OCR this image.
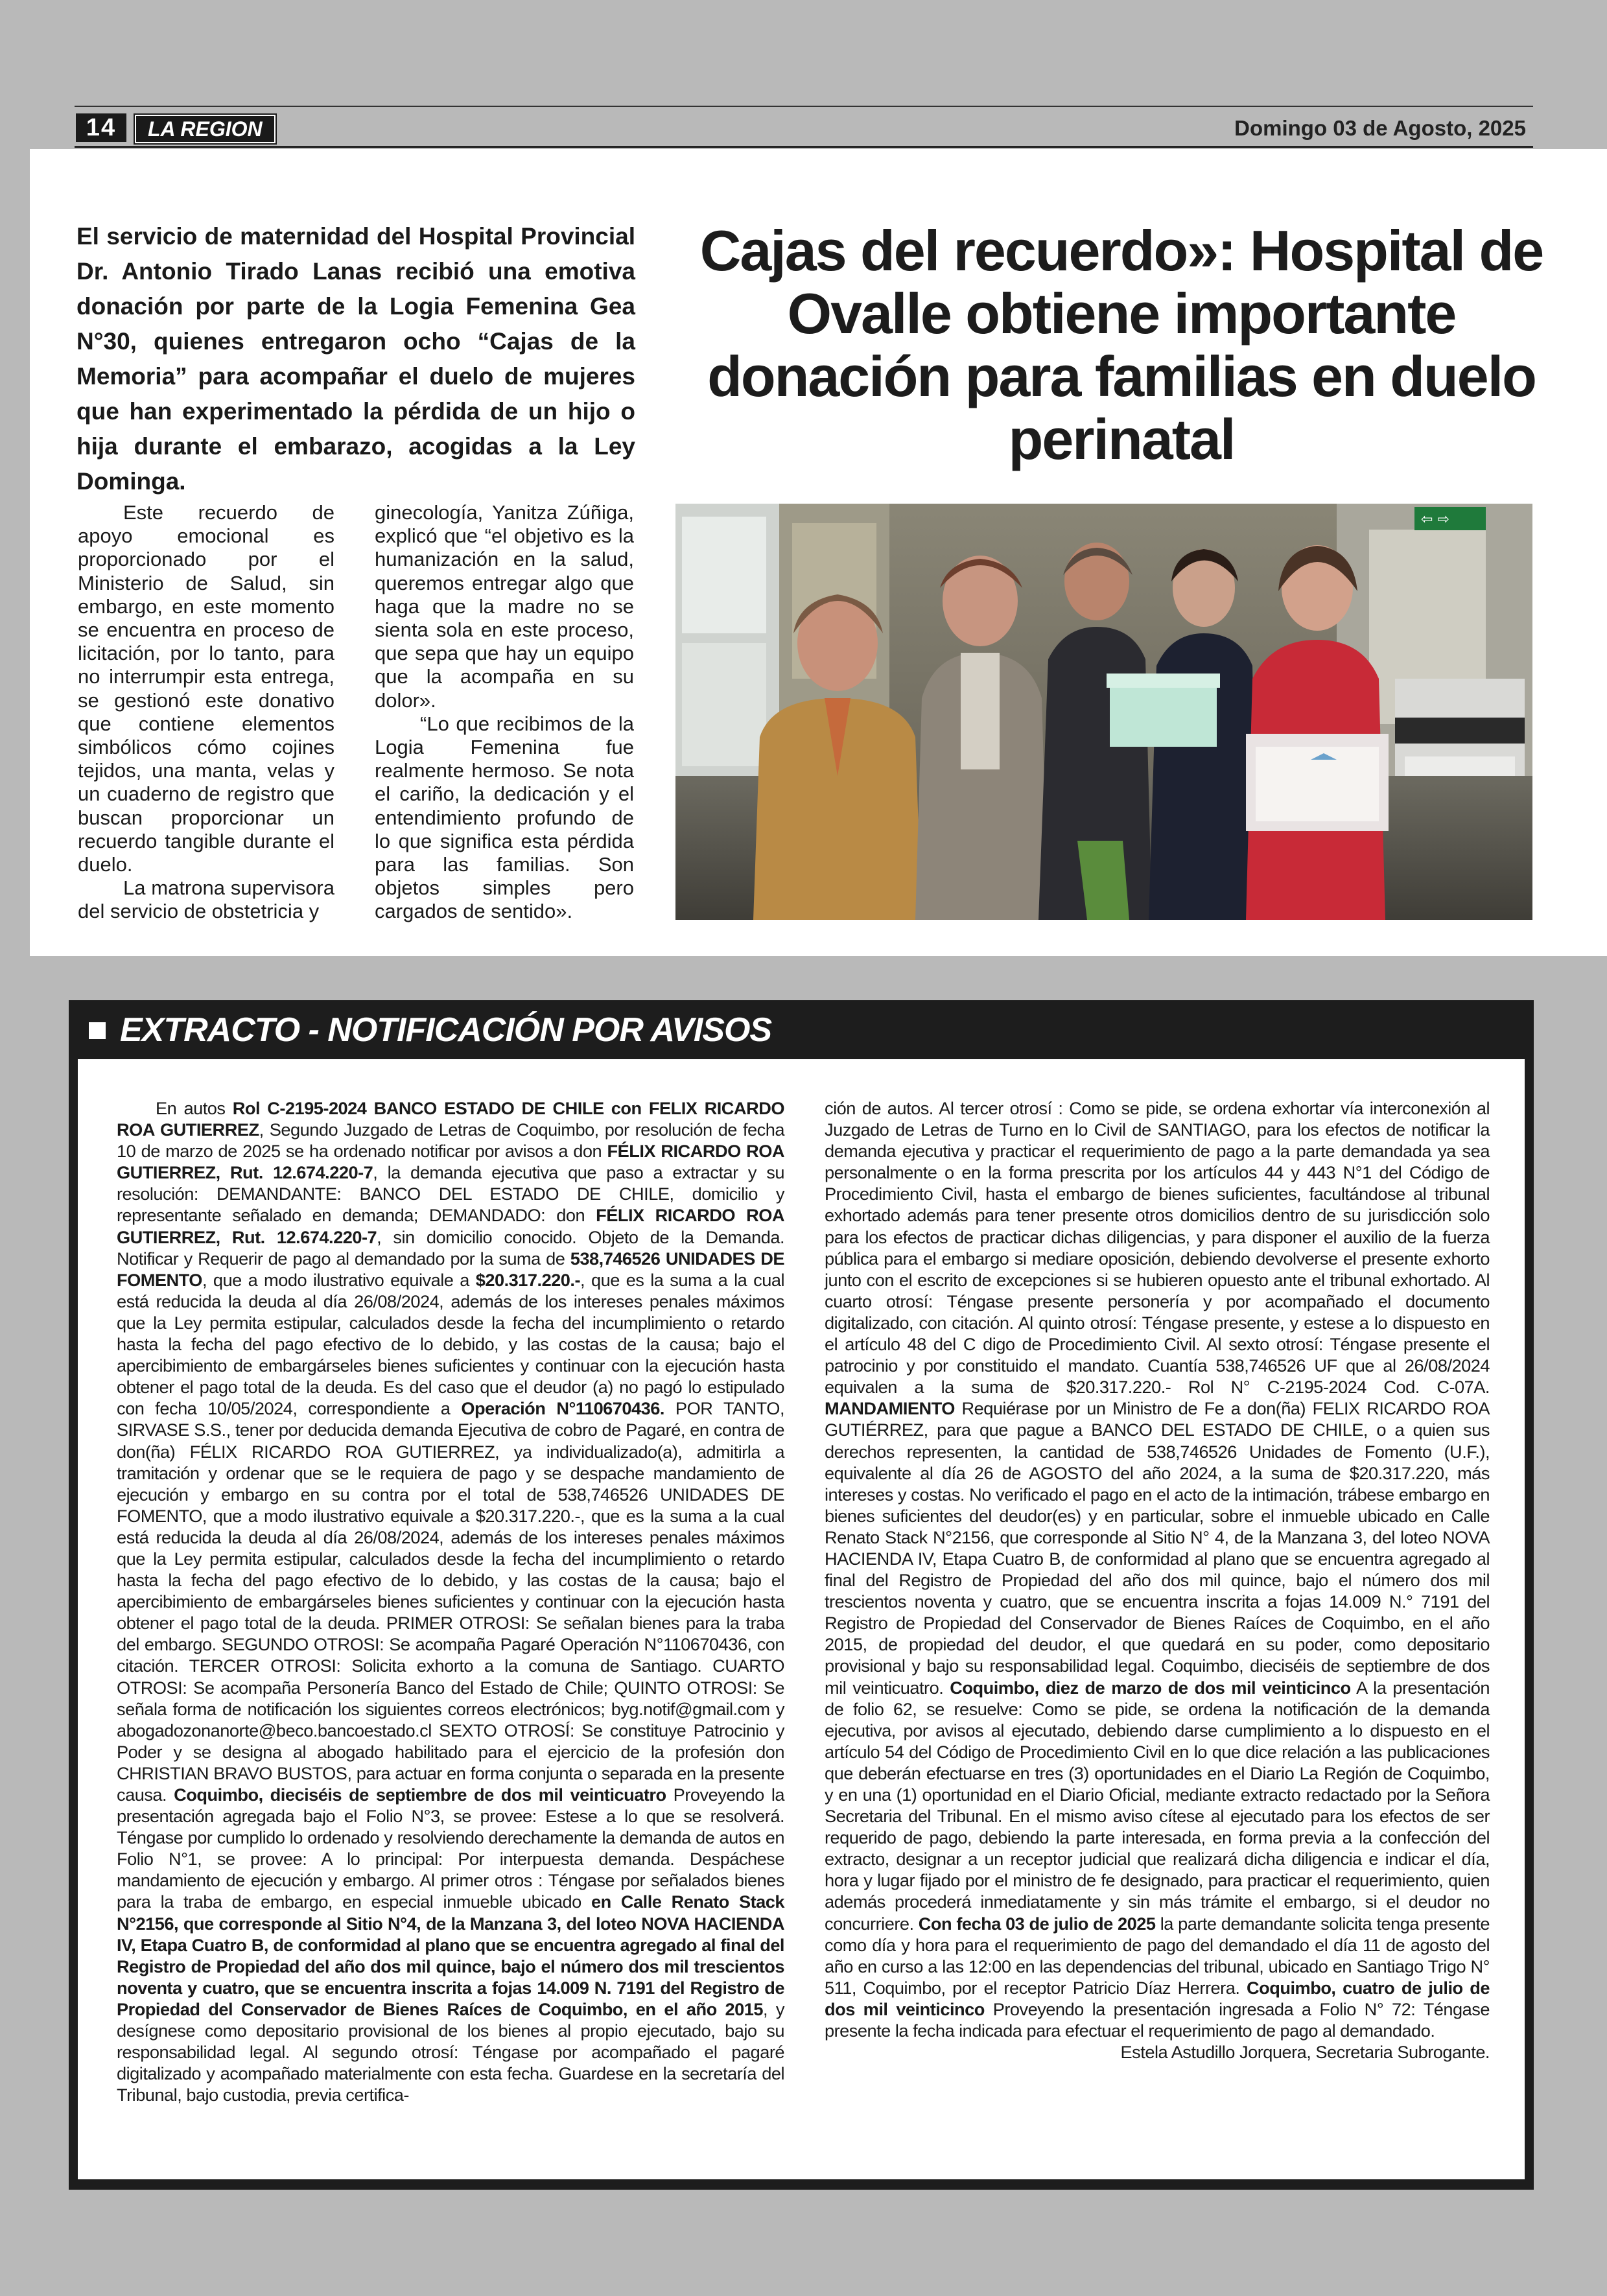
14	LA REGION	Domingo 03 de Agosto, 2025
El servicio de maternidad del Hospital Provincial Dr. Antonio Tirado Lanas recibió una emotiva donación por parte de la Logia Femenina Gea N°30, quienes entregaron ocho “Cajas de la Memoria” para acompañar el duelo de mujeres que han experimentado la pérdida de un hijo o hija durante el embarazo, acogidas a la Ley Dominga.
Cajas del recuerdo»: Hospital de Ovalle obtiene importante donación para familias en duelo perinatal

Este recuerdo de apoyo emocional es proporcionado por el Ministerio de Salud, sin embargo, en este momento se encuentra en proceso de licitación, por lo tanto, para no interrumpir esta entrega, se gestionó este donativo que contiene elementos simbólicos cómo cojines tejidos, una manta, velas y un cuaderno de registro que buscan proporcionar un recuerdo tangible durante el duelo.

La matrona supervisora del servicio de obstetricia y

ginecología, Yanitza Zúñiga, explicó que “el objetivo es la humanización en la salud, queremos entregar algo que haga que la madre no se sienta sola en este proceso, que sepa que hay un equipo que la acompaña en su dolor».

“Lo que recibimos de la Logia Femenina fue realmente hermoso. Se nota el cariño, la dedicación y el entendimiento profundo de lo que significa esta pérdida para las familias. Son objetos simples pero cargados de sentido».

⇦ ⇨
EXTRACTO - NOTIFICACIÓN POR AVISOS

En autos Rol C-2195-2024 BANCO ESTADO DE CHILE con FELIX RICARDO ROA GUTIERREZ, Segundo Juzgado de Letras de Coquimbo, por resolución de fecha 10 de marzo de 2025 se ha ordenado notificar por avisos a don FÉLIX RICARDO ROA GUTIERREZ, Rut. 12.674.220-7, la demanda ejecutiva que paso a extractar y su resolución: DEMANDANTE: BANCO DEL ESTADO DE CHILE, domicilio y representante señalado en demanda; DEMANDADO: don FÉLIX RICARDO ROA GUTIERREZ, Rut. 12.674.220-7, sin domicilio conocido. Objeto de la Demanda. Notificar y Requerir de pago al demandado por la suma de 538,746526 UNIDADES DE FOMENTO, que a modo ilustrativo equivale a $20.317.220.-, que es la suma a la cual está reducida la deuda al día 26/08/2024, además de los intereses penales máximos que la Ley permita estipular, calculados desde la fecha del incumplimiento o retardo hasta la fecha del pago efectivo de lo debido, y las costas de la causa; bajo el apercibimiento de embargárseles bienes suficientes y continuar con la ejecución hasta obtener el pago total de la deuda. Es del caso que el deudor (a) no pagó lo estipulado con fecha 10/05/2024, correspondiente a Operación N°110670436. POR TANTO, SIRVASE S.S., tener por deducida demanda Ejecutiva de cobro de Pagaré, en contra de don(ña) FÉLIX RICARDO ROA GUTIERREZ, ya individualizado(a), admitirla a tramitación y ordenar que se le requiera de pago y se despache mandamiento de ejecución y embargo en su contra por el total de 538,746526 UNIDADES DE FOMENTO, que a modo ilustrativo equivale a $20.317.220.-, que es la suma a la cual está reducida la deuda al día 26/08/2024, además de los intereses penales máximos que la Ley permita estipular, calculados desde la fecha del incumplimiento o retardo hasta la fecha del pago efectivo de lo debido, y las costas de la causa; bajo el apercibimiento de embargárseles bienes suficientes y continuar con la ejecución hasta obtener el pago total de la deuda. PRIMER OTROSI: Se señalan bienes para la traba del embargo. SEGUNDO OTROSI: Se acompaña Pagaré Operación N°110670436, con citación. TERCER OTROSI: Solicita exhorto a la comuna de Santiago. CUARTO OTROSI: Se acompaña Personería Banco del Estado de Chile; QUINTO OTROSI: Se señala forma de notificación los siguientes correos electrónicos; byg.notif@gmail.com y abogadozonanorte@beco.bancoestado.cl SEXTO OTROSÍ: Se constituye Patrocinio y Poder y se designa al abogado habilitado para el ejercicio de la profesión don CHRISTIAN BRAVO BUSTOS, para actuar en forma conjunta o separada en la presente causa. Coquimbo, dieciséis de septiembre de dos mil veinticuatro Proveyendo la presentación agregada bajo el Folio N°3, se provee: Estese a lo que se resolverá. Téngase por cumplido lo ordenado y resolviendo derechamente la demanda de autos en Folio N°1, se provee: A lo principal: Por interpuesta demanda. Despáchese mandamiento de ejecución y embargo. Al primer otros : Téngase por señalados bienes para la traba de embargo, en especial inmueble ubicado en Calle Renato Stack N°2156, que corresponde al Sitio N°4, de la Manzana 3, del loteo NOVA HACIENDA IV, Etapa Cuatro B, de conformidad al plano que se encuentra agregado al final del Registro de Propiedad del año dos mil quince, bajo el número dos mil trescientos noventa y cuatro, que se encuentra inscrita a fojas 14.009 N. 7191 del Registro de Propiedad del Conservador de Bienes Raíces de Coquimbo, en el año 2015, y desígnese como depositario provisional de los bienes al propio ejecutado, bajo su responsabilidad legal. Al segundo otrosí: Téngase por acompañado el pagaré digitalizado y acompañado materialmente con esta fecha. Guardese en la secretaría del Tribunal, bajo custodia, previa certifica-

ción de autos. Al tercer otrosí : Como se pide, se ordena exhortar vía interconexión al Juzgado de Letras de Turno en lo Civil de SANTIAGO, para los efectos de notificar la demanda ejecutiva y practicar el requerimiento de pago a la parte demandada ya sea personalmente o en la forma prescrita por los artículos 44 y 443 N°1 del Código de Procedimiento Civil, hasta el embargo de bienes suficientes, facultándose al tribunal exhortado además para tener presente otros domicilios dentro de su jurisdicción solo para los efectos de practicar dichas diligencias, y para disponer el auxilio de la fuerza pública para el embargo si mediare oposición, debiendo devolverse el presente exhorto junto con el escrito de excepciones si se hubieren opuesto ante el tribunal exhortado. Al cuarto otrosí: Téngase presente personería y por acompañado el documento digitalizado, con citación. Al quinto otrosí: Téngase presente, y estese a lo dispuesto en el artículo 48 del C digo de Procedimiento Civil. Al sexto otrosí: Téngase presente el patrocinio y por constituido el mandato. Cuantía 538,746526 UF que al 26/08/2024 equivalen a la suma de $20.317.220.- Rol N° C-2195-2024 Cod. C-07A. MANDAMIENTO Requiérase por un Ministro de Fe a don(ña) FELIX RICARDO ROA GUTIÉRREZ, para que pague a BANCO DEL ESTADO DE CHILE, o a quien sus derechos representen, la cantidad de 538,746526 Unidades de Fomento (U.F.), equivalente al día 26 de AGOSTO del año 2024, a la suma de $20.317.220, más intereses y costas. No verificado el pago en el acto de la intimación, trábese embargo en bienes suficientes del deudor(es) y en particular, sobre el inmueble ubicado en Calle Renato Stack N°2156, que corresponde al Sitio N° 4, de la Manzana 3, del loteo NOVA HACIENDA IV, Etapa Cuatro B, de conformidad al plano que se encuentra agregado al final del Registro de Propiedad del año dos mil quince, bajo el número dos mil trescientos noventa y cuatro, que se encuentra inscrita a fojas 14.009 N.° 7191 del Registro de Propiedad del Conservador de Bienes Raíces de Coquimbo, en el año 2015, de propiedad del deudor, el que quedará en su poder, como depositario provisional y bajo su responsabilidad legal. Coquimbo, dieciséis de septiembre de dos mil veinticuatro. Coquimbo, diez de marzo de dos mil veinticinco A la presentación de folio 62, se resuelve: Como se pide, se ordena la notificación de la demanda ejecutiva, por avisos al ejecutado, debiendo darse cumplimiento a lo dispuesto en el artículo 54 del Código de Procedimiento Civil en lo que dice relación a las publicaciones que deberán efectuarse en tres (3) oportunidades en el Diario La Región de Coquimbo, y en una (1) oportunidad en el Diario Oficial, mediante extracto redactado por la Señora Secretaria del Tribunal. En el mismo aviso cítese al ejecutado para los efectos de ser requerido de pago, debiendo la parte interesada, en forma previa a la confección del extracto, designar a un receptor judicial que realizará dicha diligencia e indicar el día, hora y lugar fijado por el ministro de fe designado, para practicar el requerimiento, quien además procederá inmediatamente y sin más trámite el embargo, si el deudor no concurriere. Con fecha 03 de julio de 2025 la parte demandante solicita tenga presente como día y hora para el requerimiento de pago del demandado el día 11 de agosto del año en curso a las 12:00 en las dependencias del tribunal, ubicado en Santiago Trigo N° 511, Coquimbo, por el receptor Patricio Díaz Herrera. Coquimbo, cuatro de julio de dos mil veinticinco Proveyendo la presentación ingresada a Folio N° 72: Téngase presente la fecha indicada para efectuar el requerimiento de pago al demandado.

Estela Astudillo Jorquera, Secretaria Subrogante.
